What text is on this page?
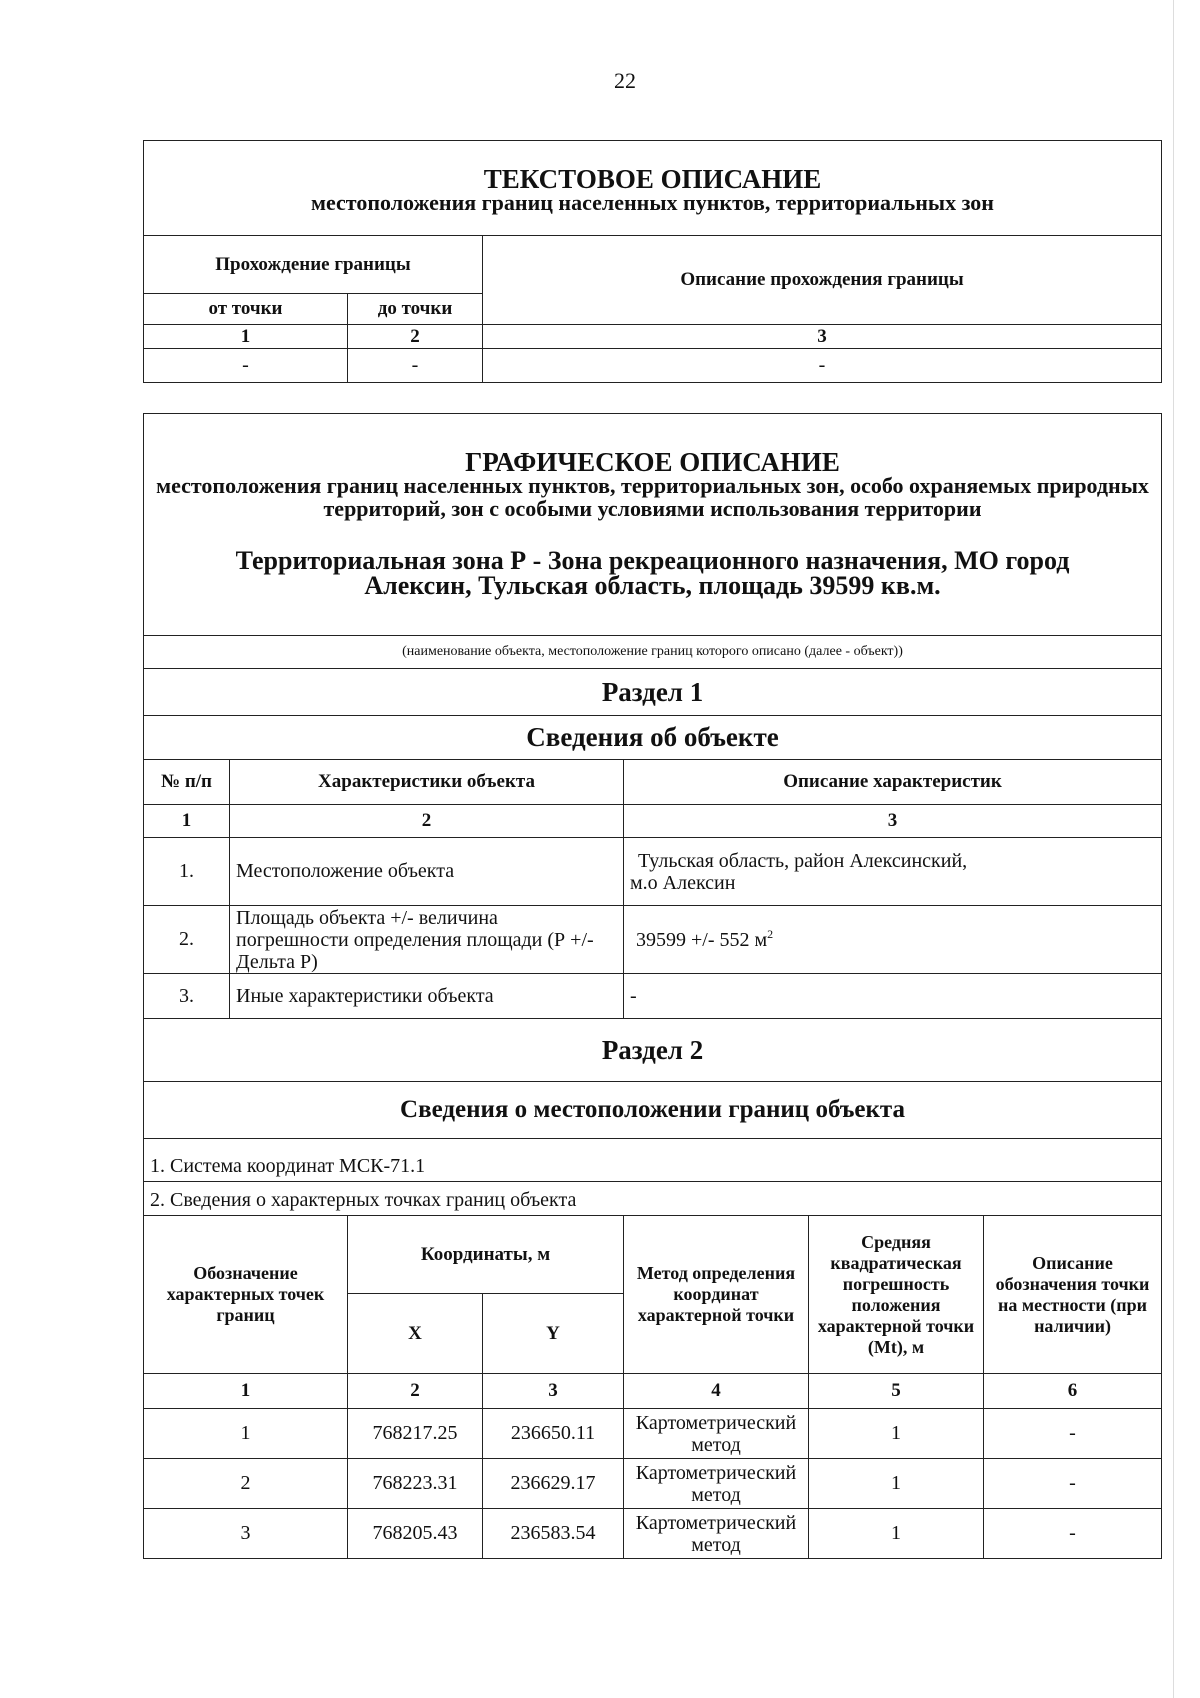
22
ТЕКСТОВОЕ ОПИСАНИЕ
местоположения границ населенных пунктов, территориальных зон		

Прохождение границы		Описание прохождения границы
от точки	до точки	
1	2	3
-	-	-
ГРАФИЧЕСКОЕ ОПИСАНИЕ
местоположения границ населенных пунктов, территориальных зон, особо охраняемых природных территорий, зон с особыми условиями использования территории
Территориальная зона Р - Зона рекреационного назначения, МО город
Алексин, Тульская область, площадь 39599 кв.м.						

(наименование объекта, местоположение границ которого описано (далее - объект))						
Раздел 1						
Сведения об объекте						
№ п/п	Характеристики объекта			Описание характеристик		
1	2			3		
1.	Местоположение объекта			Тульская область, район Алексинский,
м.о Алексин		

2.	Площадь объекта +/- величина
погрешности определения площади (Р +/- Дельта Р)			39599 +/- 552 $м^2$
3.	Иные характеристики объекта			-		
Раздел 2						
Сведения о местоположении границ объекта						
1. Система координат МСК-71.1						
2. Сведения о характерных точках границ объекта						
Обозначение характерных точек границ		Координаты, м		Метод определения координат характерной точки	Средняя квадратическая погрешность положения характерной точки (Mt), м	Описание обозначения точки на местности (при наличии)
		X	Y			
1		2	3	4	5	6
1		768217.25	236650.11	Картометрический
метод	1	-
2		768223.31	236629.17	Картометрический
метод	1	-
3		768205.43	236583.54	Картометрический
метод	1	-
